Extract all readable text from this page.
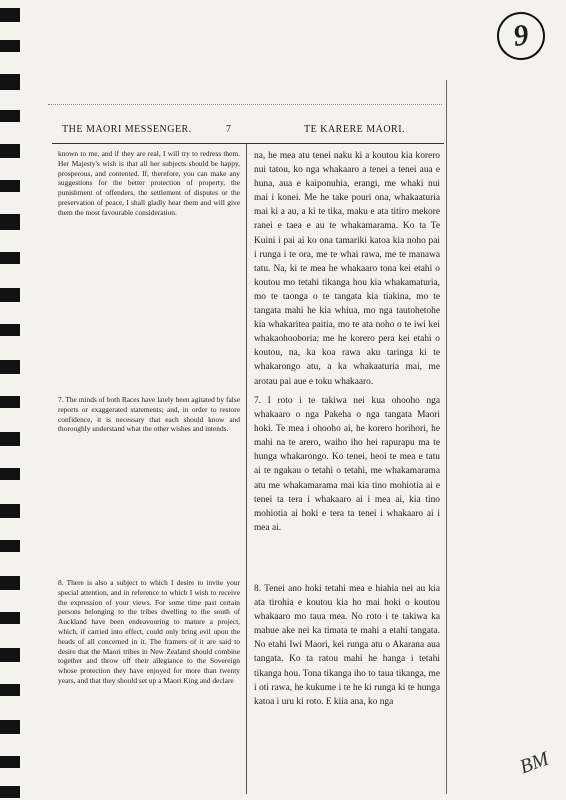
9
THE MAORI MESSENGER.	7	TE KARERE MAORI.

known to me, and if they are real, I will try to redress them. Her Majesty's wish is that all her subjects should be happy, prosperous, and contented. If, therefore, you can make any suggestions for the better protection of property, the punishment of offenders, the settlement of disputes or the preservation of peace, I shall gladly hear them and will give them the most favourable consideration.

7. The minds of both Races have lately been agitated by false reports or exaggerated statements; and, in order to restore confidence, it is necessary that each should know and thoroughly understand what the other wishes and intends.

8. There is also a subject to which I desire to invite your special attention, and in reference to which I wish to receive the expression of your views. For some time past certain persons belonging to the tribes dwelling to the south of Auckland have been endeavouring to mature a project, which, if carried into effect, could only bring evil upon the heads of all concerned in it. The framers of it are said to desire that the Maori tribes in New Zealand should combine together and throw off their allegiance to the Sovereign whose protection they have enjoyed for more than twenty years, and that they should set up a Maori King and declare

na, he mea atu tenei naku ki a koutou kia korero nui tatou, ko nga whakaaro a tenei a tenei aua e huna, aua e kaiponuhia, erangi, me whaki nui mai i konei. Me he take pouri ona, whakaaturia mai ki a au, a ki te tika, maku e ata titiro mekore ranei e taea e au te whakamarama. Ko ta Te Kuini i pai ai ko ona tamariki katoa kia noho pai i runga i te ora, me te whai rawa, me te manawa tatu. Na, ki te mea he whakaaro tona kei etahi o koutou mo tetahi tikanga hou kia whakamaturia, mo te taonga o te tangata kia tiakina, mo te tangata mahi he kia whiua, mo nga tautohetohe kia whakaritea paitia, mo te ata noho o te iwi kei whakaohooboria; me he korero pera kei etahi o koutou, na, ka koa rawa aku taringa ki te whakarongo atu, a ka whakaaturia mai, me arotau pai aue e toku whakaaro.

7. I roto i te takiwa nei kua ohooho nga whakaaro o nga Pakeha o nga tangata Maori hoki. Te mea i ohooho ai, he korero horihori, he mahi na te arero, waiho iho hei rapurapu ma te hunga whakarongo. Ko tenei, heoi te mea e tatu ai te ngakau o tetahi o tetahi, me whakamarama atu me whakamarama mai kia tino mohiotia ai e tenei ta tera i whakaaro ai i mea ai, kia tino mohiotia ai hoki e tera ta tenei i whakaaro ai i mea ai.

8. Tenei ano hoki tetahi mea e hiahia nei au kia ata tirohia e koutou kia ho mai hoki o koutou whakaaro mo taua mea. No roto i te takiwa ka mahue ake nei ka timata te mahi a etahi tangata. No etahi Iwi Maori, kei runga atu o Akarana aua tangata. Ko ta ratou mahi he hanga i tetahi tikanga hou. Tona tikanga iho to taua tikanga, me i oti rawa, he kukume i te he ki runga ki te hunga katoa i uru ki roto. E kiia ana, ko nga

BM
